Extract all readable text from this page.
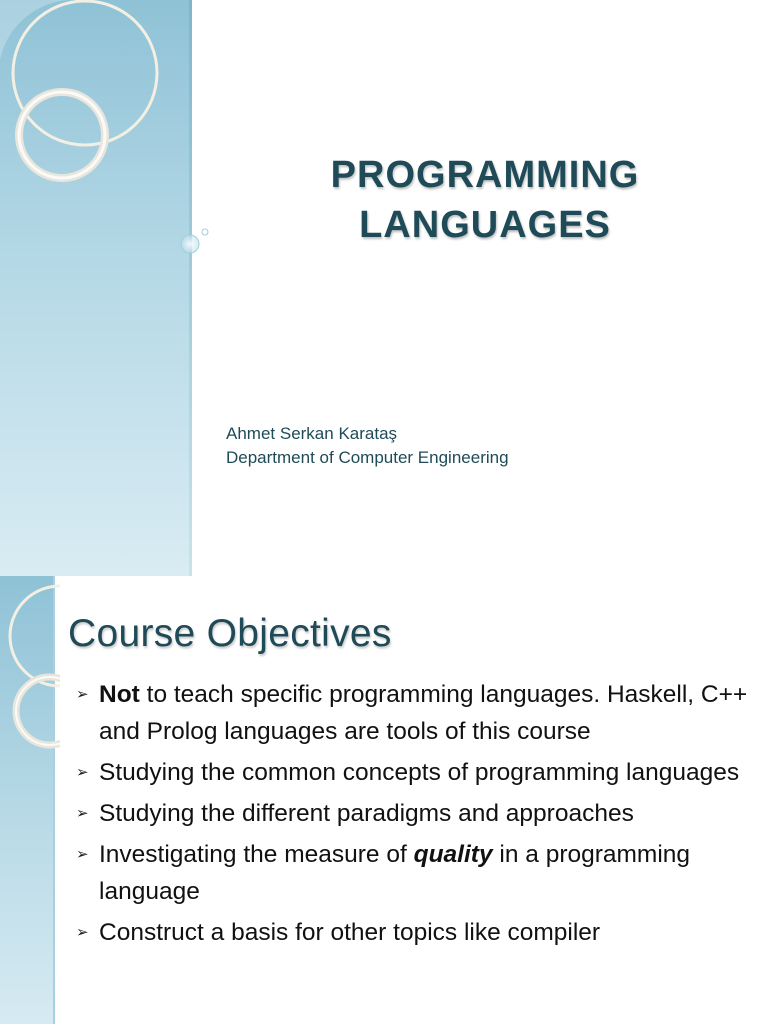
PROGRAMMING
LANGUAGES
Ahmet Serkan Karataş
Department of Computer Engineering
Course Objectives
➢ Not to teach specific programming languages. Haskell, C++ and Prolog languages are tools of this course
➢ Studying the common concepts of programming languages
➢ Studying the different paradigms and approaches
➢ Investigating the measure of quality in a programming language
➢ Construct a basis for other topics like compiler
